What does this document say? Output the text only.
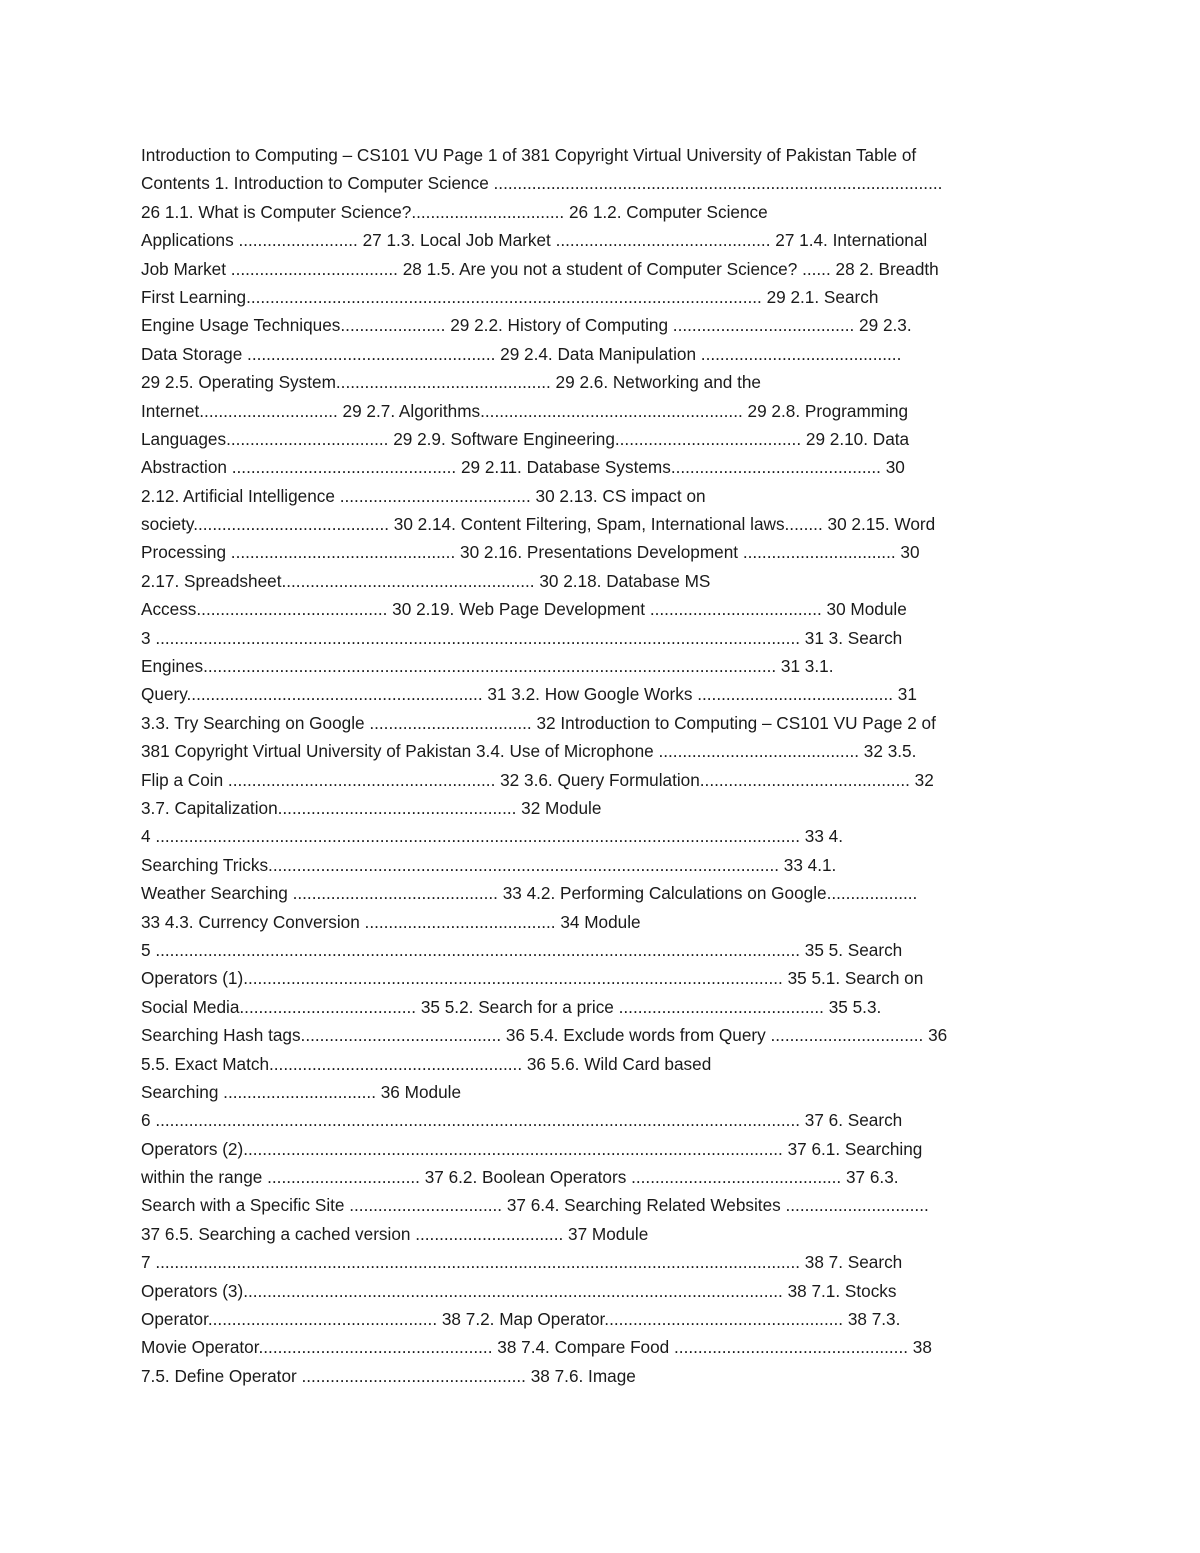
Introduction to Computing – CS101 VU Page 1 of 381 Copyright Virtual University of Pakistan Table of
Contents 1. Introduction to Computer Science ..............................................................................................
26 1.1. What is Computer Science?................................ 26 1.2. Computer Science
Applications ......................... 27 1.3. Local Job Market ............................................. 27 1.4. International
Job Market ................................... 28 1.5. Are you not a student of Computer Science? ...... 28 2. Breadth
First Learning............................................................................................................ 29 2.1. Search
Engine Usage Techniques...................... 29 2.2. History of Computing ...................................... 29 2.3.
Data Storage .................................................... 29 2.4. Data Manipulation ..........................................
29 2.5. Operating System............................................. 29 2.6. Networking and the
Internet............................. 29 2.7. Algorithms....................................................... 29 2.8. Programming
Languages.................................. 29 2.9. Software Engineering....................................... 29 2.10. Data
Abstraction ............................................... 29 2.11. Database Systems............................................ 30
2.12. Artificial Intelligence ........................................ 30 2.13. CS impact on
society......................................... 30 2.14. Content Filtering, Spam, International laws........ 30 2.15. Word
Processing ............................................... 30 2.16. Presentations Development ................................ 30
2.17. Spreadsheet..................................................... 30 2.18. Database MS
Access........................................ 30 2.19. Web Page Development .................................... 30 Module
3 ....................................................................................................................................... 31 3. Search
Engines........................................................................................................................ 31 3.1.
Query.............................................................. 31 3.2. How Google Works ......................................... 31
3.3. Try Searching on Google .................................. 32 Introduction to Computing – CS101 VU Page 2 of
381 Copyright Virtual University of Pakistan 3.4. Use of Microphone .......................................... 32 3.5.
Flip a Coin ........................................................ 32 3.6. Query Formulation............................................ 32
3.7. Capitalization.................................................. 32 Module
4 ....................................................................................................................................... 33 4.
Searching Tricks........................................................................................................... 33 4.1.
Weather Searching ........................................... 33 4.2. Performing Calculations on Google...................
33 4.3. Currency Conversion ........................................ 34 Module
5 ....................................................................................................................................... 35 5. Search
Operators (1)................................................................................................................. 35 5.1. Search on
Social Media..................................... 35 5.2. Search for a price ........................................... 35 5.3.
Searching Hash tags.......................................... 36 5.4. Exclude words from Query ................................ 36
5.5. Exact Match..................................................... 36 5.6. Wild Card based
Searching ................................ 36 Module
6 ....................................................................................................................................... 37 6. Search
Operators (2)................................................................................................................. 37 6.1. Searching
within the range ................................ 37 6.2. Boolean Operators ............................................ 37 6.3.
Search with a Specific Site ................................ 37 6.4. Searching Related Websites ..............................
37 6.5. Searching a cached version ............................... 37 Module
7 ....................................................................................................................................... 38 7. Search
Operators (3)................................................................................................................. 38 7.1. Stocks
Operator................................................ 38 7.2. Map Operator.................................................. 38 7.3.
Movie Operator................................................. 38 7.4. Compare Food ................................................. 38
7.5. Define Operator ............................................... 38 7.6. Image
